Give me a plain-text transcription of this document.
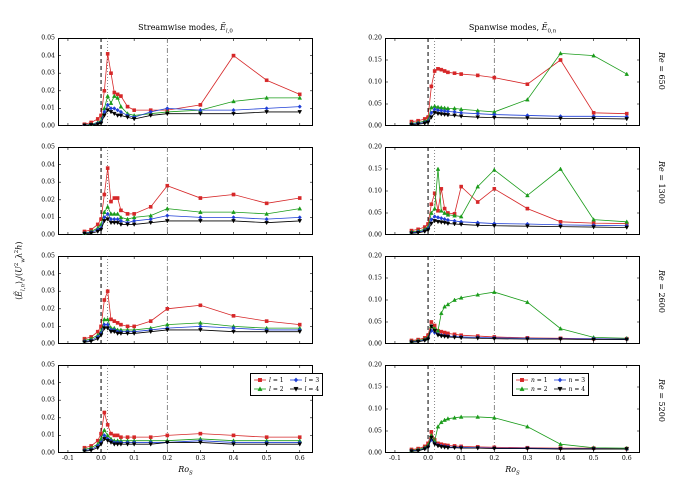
0.00
0.01
0.02
0.03
0.04
0.05
Streamwise modes, Ẽ$_{l,0}$
0.00
0.05
0.10
0.15
0.20
Spanwise modes, Ẽ$_{0,n}$
Re = 650
0.00
0.01
0.02
0.03
0.04
0.05
0.00
0.05
0.10
0.15
0.20
Re = 1300
0.00
0.01
0.02
0.03
0.04
0.05
0.00
0.05
0.10
0.15
0.20
Re = 2600
-0.1	0.0	0.1	0.2	0.3	0.4	0.5	0.6
0.00
0.01
0.02
0.03
0.04
0.05
$Ro_S$
-0.1	0.0	0.1	0.2	0.3	0.4	0.5	0.6
0.00
0.05
0.10
0.15
0.20
Re = 5200
$Ro_S$
$⟨Ẽ_{l,n}⟩_t/(U^2_w\lambda^2h)$
l = 1	l = 3
l = 2	l = 4
n = 1	n = 3
n = 2	n = 4
